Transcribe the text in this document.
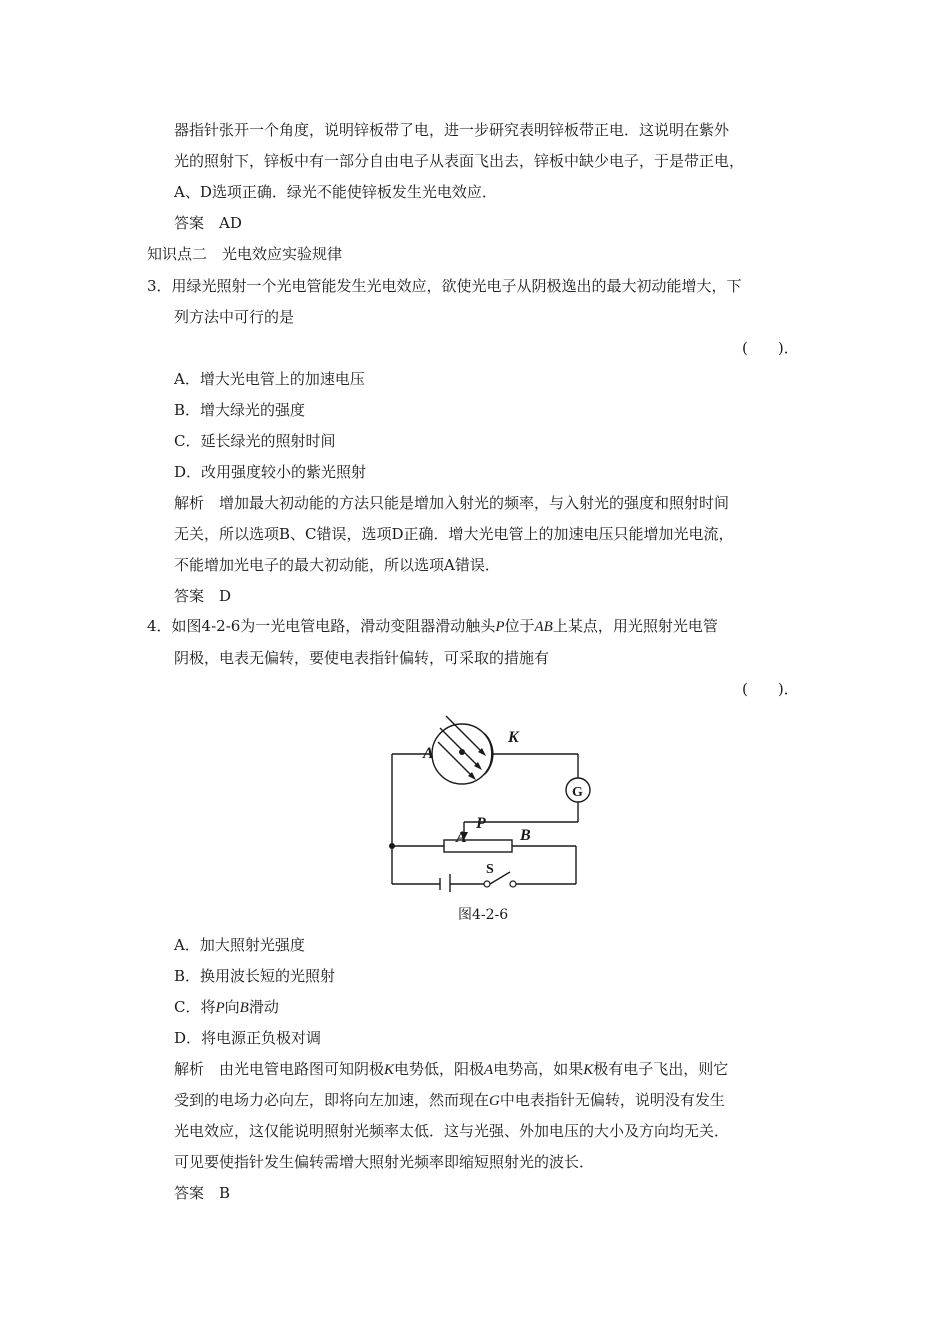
器指针张开一个角度，说明锌板带了电，进一步研究表明锌板带正电．这说明在紫外
光的照射下，锌板中有一部分自由电子从表面飞出去，锌板中缺少电子，于是带正电，
A、D选项正确．绿光不能使锌板发生光电效应．
答案　AD
知识点二　光电效应实验规律
3．用绿光照射一个光电管能发生光电效应，欲使光电子从阴极逸出的最大初动能增大，下
列方法中可行的是
(　　)．
A．增大光电管上的加速电压
B．增大绿光的强度
C．延长绿光的照射时间
D．改用强度较小的紫光照射
解析　增加最大初动能的方法只能是增加入射光的频率，与入射光的强度和照射时间
无关，所以选项B、C错误，选项D正确．增大光电管上的加速电压只能增加光电流，
不能增加光电子的最大初动能，所以选项A错误．
答案　D
4．如图4-2-6为一光电管电路，滑动变阻器滑动触头P位于AB上某点，用光照射光电管
阴极，电表无偏转，要使电表指针偏转，可采取的措施有
(　　)．
A
K
P
A	B
G
S
图4-2-6
A．加大照射光强度
B．换用波长短的光照射
C．将P向B滑动
D．将电源正负极对调
解析　由光电管电路图可知阴极K电势低，阳极A电势高，如果K极有电子飞出，则它
受到的电场力必向左，即将向左加速，然而现在G中电表指针无偏转，说明没有发生
光电效应，这仅能说明照射光频率太低．这与光强、外加电压的大小及方向均无关．
可见要使指针发生偏转需增大照射光频率即缩短照射光的波长．
答案　B
